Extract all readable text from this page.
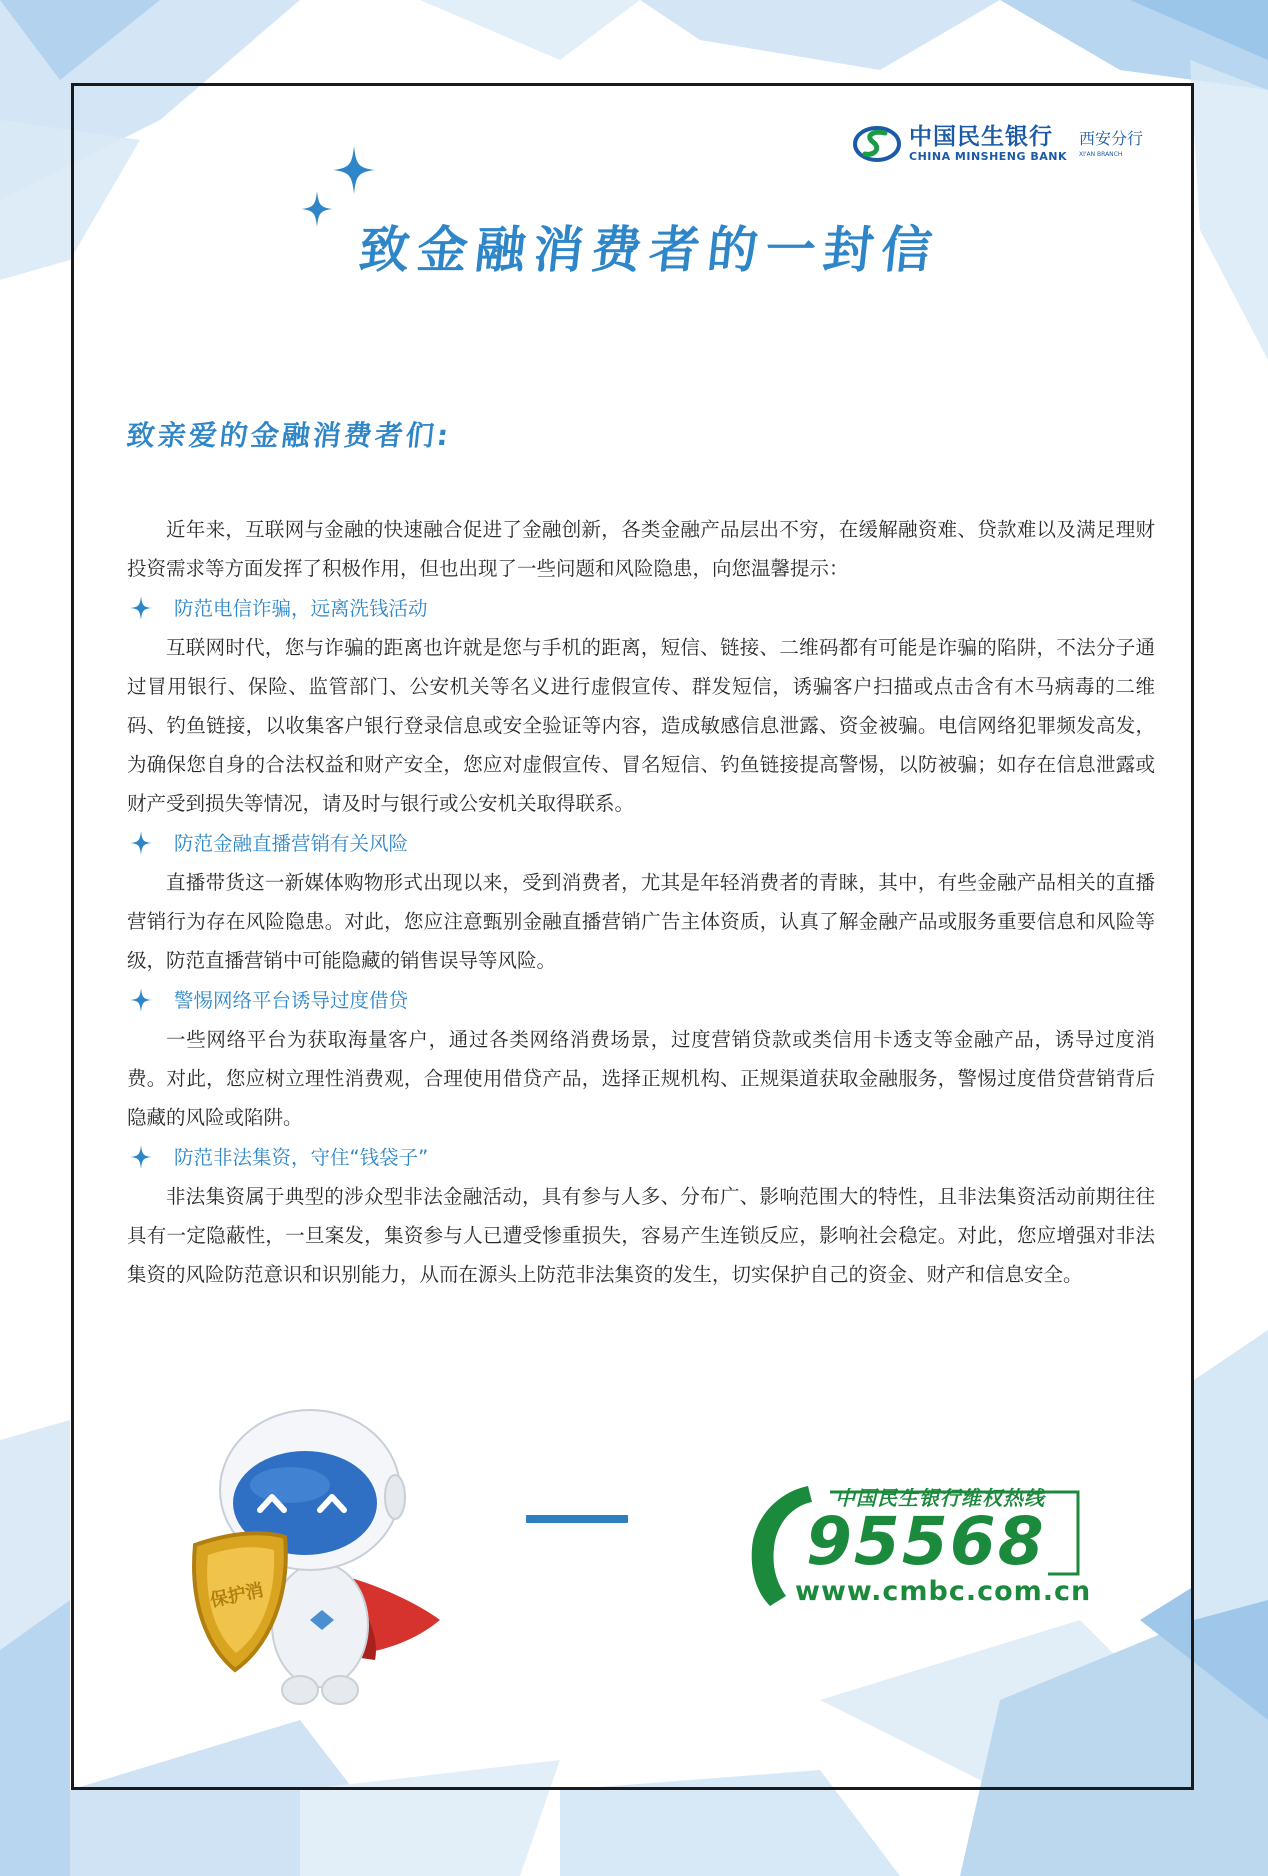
中国民生银行
CHINA MINSHENG BANK
西安分行
XI'AN BRANCH
致金融消费者的一封信
致亲爱的金融消费者们:

近年来，互联网与金融的快速融合促进了金融创新，各类金融产品层出不穷，在缓解融资难、贷款难以及满足理财投资需求等方面发挥了积极作用，但也出现了一些问题和风险隐患，向您温馨提示：

防范电信诈骗，远离洗钱活动

互联网时代，您与诈骗的距离也许就是您与手机的距离，短信、链接、二维码都有可能是诈骗的陷阱，不法分子通过冒用银行、保险、监管部门、公安机关等名义进行虚假宣传、群发短信，诱骗客户扫描或点击含有木马病毒的二维码、钓鱼链接，以收集客户银行登录信息或安全验证等内容，造成敏感信息泄露、资金被骗。电信网络犯罪频发高发，为确保您自身的合法权益和财产安全，您应对虚假宣传、冒名短信、钓鱼链接提高警惕，以防被骗；如存在信息泄露或财产受到损失等情况，请及时与银行或公安机关取得联系。

防范金融直播营销有关风险

直播带货这一新媒体购物形式出现以来，受到消费者，尤其是年轻消费者的青睐，其中，有些金融产品相关的直播营销行为存在风险隐患。对此，您应注意甄别金融直播营销广告主体资质，认真了解金融产品或服务重要信息和风险等级，防范直播营销中可能隐藏的销售误导等风险。

警惕网络平台诱导过度借贷

一些网络平台为获取海量客户，通过各类网络消费场景，过度营销贷款或类信用卡透支等金融产品，诱导过度消费。对此，您应树立理性消费观，合理使用借贷产品，选择正规机构、正规渠道获取金融服务，警惕过度借贷营销背后隐藏的风险或陷阱。

防范非法集资，守住“钱袋子”

非法集资属于典型的涉众型非法金融活动，具有参与人多、分布广、影响范围大的特性，且非法集资活动前期往往具有一定隐蔽性，一旦案发，集资参与人已遭受惨重损失，容易产生连锁反应，影响社会稳定。对此，您应增强对非法集资的风险防范意识和识别能力，从而在源头上防范非法集资的发生，切实保护自己的资金、财产和信息安全。

保护消
中国民生银行维权热线
95568
www.cmbc.com.cn
